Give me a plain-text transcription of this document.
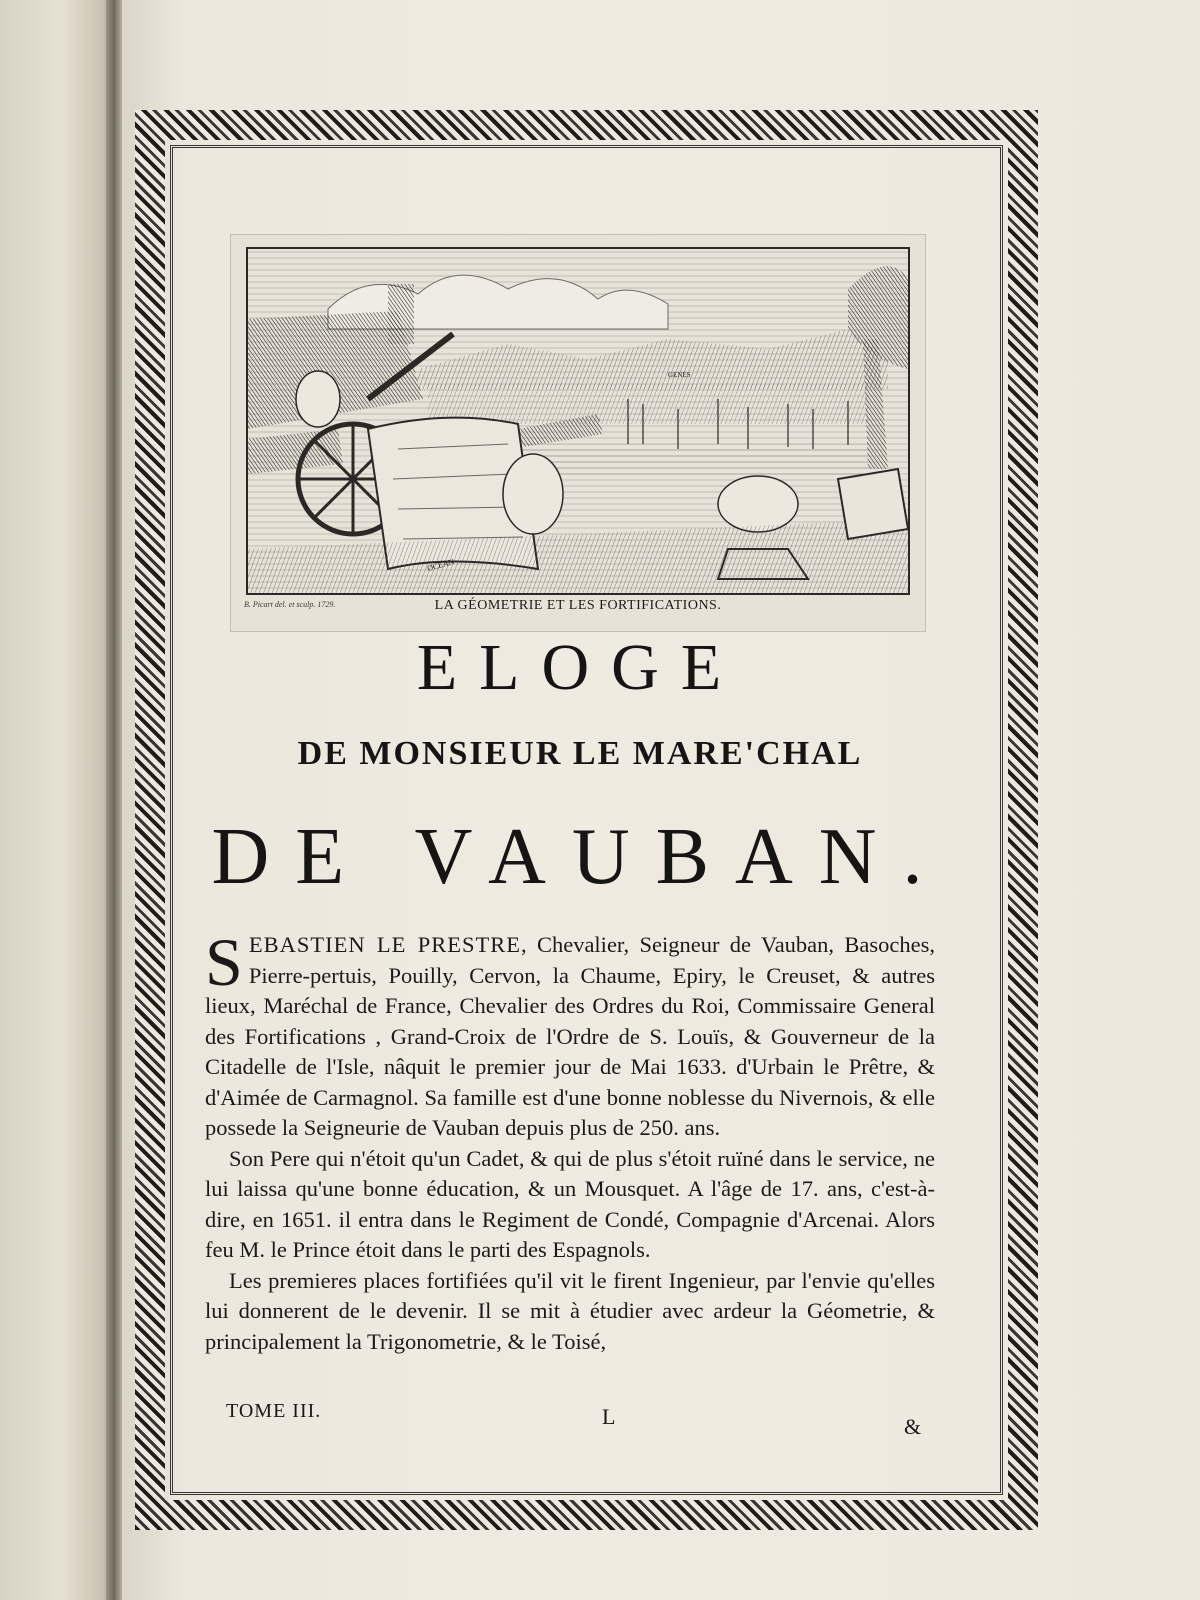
OCEAN
GENES
B. Picart del. et sculp. 1729.	LA GÉOMETRIE ET LES FORTIFICATIONS.
ELOGE
DE MONSIEUR LE MARE'CHAL
DE VAUBAN.

SEBASTIEN LE PRESTRE, Chevalier, Seigneur de Vauban, Basoches, Pierre-pertuis, Pouilly, Cervon, la Chaume, Epiry, le Creuset, & autres lieux, Maréchal de France, Chevalier des Ordres du Roi, Commissaire General des Fortifications , Grand-Croix de l'Ordre de S. Louïs, & Gouverneur de la Citadelle de l'Isle, nâquit le premier jour de Mai 1633. d'Urbain le Prêtre, & d'Aimée de Carmagnol. Sa famille est d'une bonne noblesse du Nivernois, & elle possede la Seigneurie de Vauban depuis plus de 250. ans.

Son Pere qui n'étoit qu'un Cadet, & qui de plus s'étoit ruïné dans le service, ne lui laissa qu'une bonne éducation, & un Mousquet. A l'âge de 17. ans, c'est-à-dire, en 1651. il entra dans le Regiment de Condé, Compagnie d'Arcenai. Alors feu M. le Prince étoit dans le parti des Espagnols.

Les premieres places fortifiées qu'il vit le firent Ingenieur, par l'envie qu'elles lui donnerent de le devenir. Il se mit à étudier avec ardeur la Géometrie, & principalement la Trigonometrie, & le Toisé,

TOME III.	L	&
